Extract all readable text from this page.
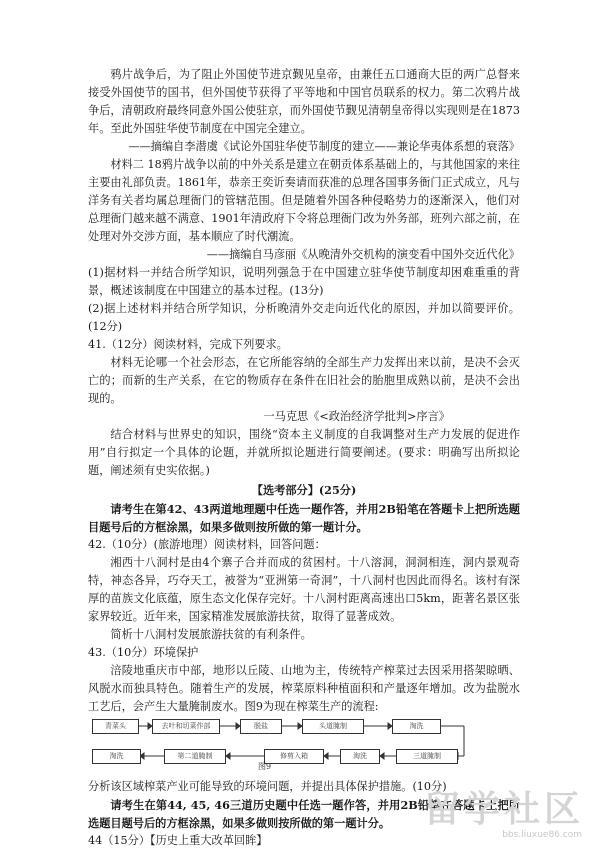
鸦片战争后，为了阻止外国使节进京觐见皇帝，由兼任五口通商大臣的两广总督来接受外国使节的国书，但外国使节获得了平等地和中国官员联系的权力。第二次鸦片战争后，清朝政府最终同意外国公使驻京，而外国使节觐见清朝皇帝得以实现则是在1873年。至此外国驻华使节制度在中国完全建立。

——摘编自李潜虞《试论外国驻华使节制度的建立——兼论华夷体系想的衰落》

材料二 18鸦片战争以前的中外关系是建立在朝贡体系基础上的，与其他国家的来往主要由礼部负责。1861年，恭亲王奕䜣奏请而获准的总理各国事务衙门正式成立，凡与洋务有关者均属总理衙门的管辖范围。但是随着外国各种侵略势力的逐渐深入，他们对总理衙门越来越不满意、1901年清政府下令将总理衙门改为外务部，班列六部之前，在处理对外交涉方面，基本顺应了时代潮流。

——摘编自马彦丽《从晚清外交机构的演变看中国外交近代化》

(1)据材料一并结合所学知识，说明列强急于在中国建立驻华使节制度却困难重重的背景，概述该制度在中国建立的基本过程。(13分)

(2)据上述材料并结合所学知识，分析晚清外交走向近代化的原因，并加以简要评价。(12分)

41.（12分）阅读材料，完成下列要求。

材料无论哪一个社会形态，在它所能容纳的全部生产力发挥出来以前，是决不会灭亡的；而新的生产关系，在它的物质存在条件在旧社会的胎胞里成熟以前，是决不会出现的。

一马克思《<政治经济学批判>序言》

结合材料与世界史的知识，围绕“资本主义制度的自我调整对生产力发展的促进作用”自行拟定一个具体的论题，并就所拟论题进行简要阐述。(要求：明确写出所拟论题，阐述须有史实依据。)

【选考部分】(25分)

请考生在第42、43两道地理题中任选一题作答，并用2B铅笔在答题卡上把所选题目题号后的方框涂黑，如果多做则按所做的第一题计分。

42.（10分）(旅游地理）阅读材料，回答问题：

湘西十八洞村是由4个寨子合并而成的贫困村。十八溶洞，洞洞相连，洞内景观奇特，神态各异，巧夺天工，被誉为“亚洲第一奇洞”，十八洞村也因此而得名。该村有深厚的苗族文化底蕴，原生态文化保存完好。十八洞村距离高速出口5km，距著名景区张家界较近。近年来，国家精准发展旅游扶贫，取得了显著成效。

简析十八洞村发展旅游扶贫的有利条件。

43.（10分）环境保护

涪陵地重庆市中部，地形以丘陵、山地为主，传统特产榨菜过去因采用搭架晾晒、风脱水而独具特色。随着生产的发展，榨菜原料种植面积和产量逐年增加。改为盐脱水工艺后，会产生大量腌制废水。图9为现在榨菜生产的流程:

青菜头	去叶和切菜作部	脱盐	头道腌制	淘洗
淘洗	第二道腌制	修剪入箱	淘洗	三道腌制
图9

分析该区域榨菜产业可能导致的环境问题，并提出具体保护措施。(10分)

请考生在第44, 45, 46三道历史题中任选一题作答，并用2B铅笔在答题卡上把所选题目题号后的方框涂黑，如果多做则按所做的第一题计分。

44（15分）【历史上重大改革回眸】

留学社区
bbs.liuxue86.com
